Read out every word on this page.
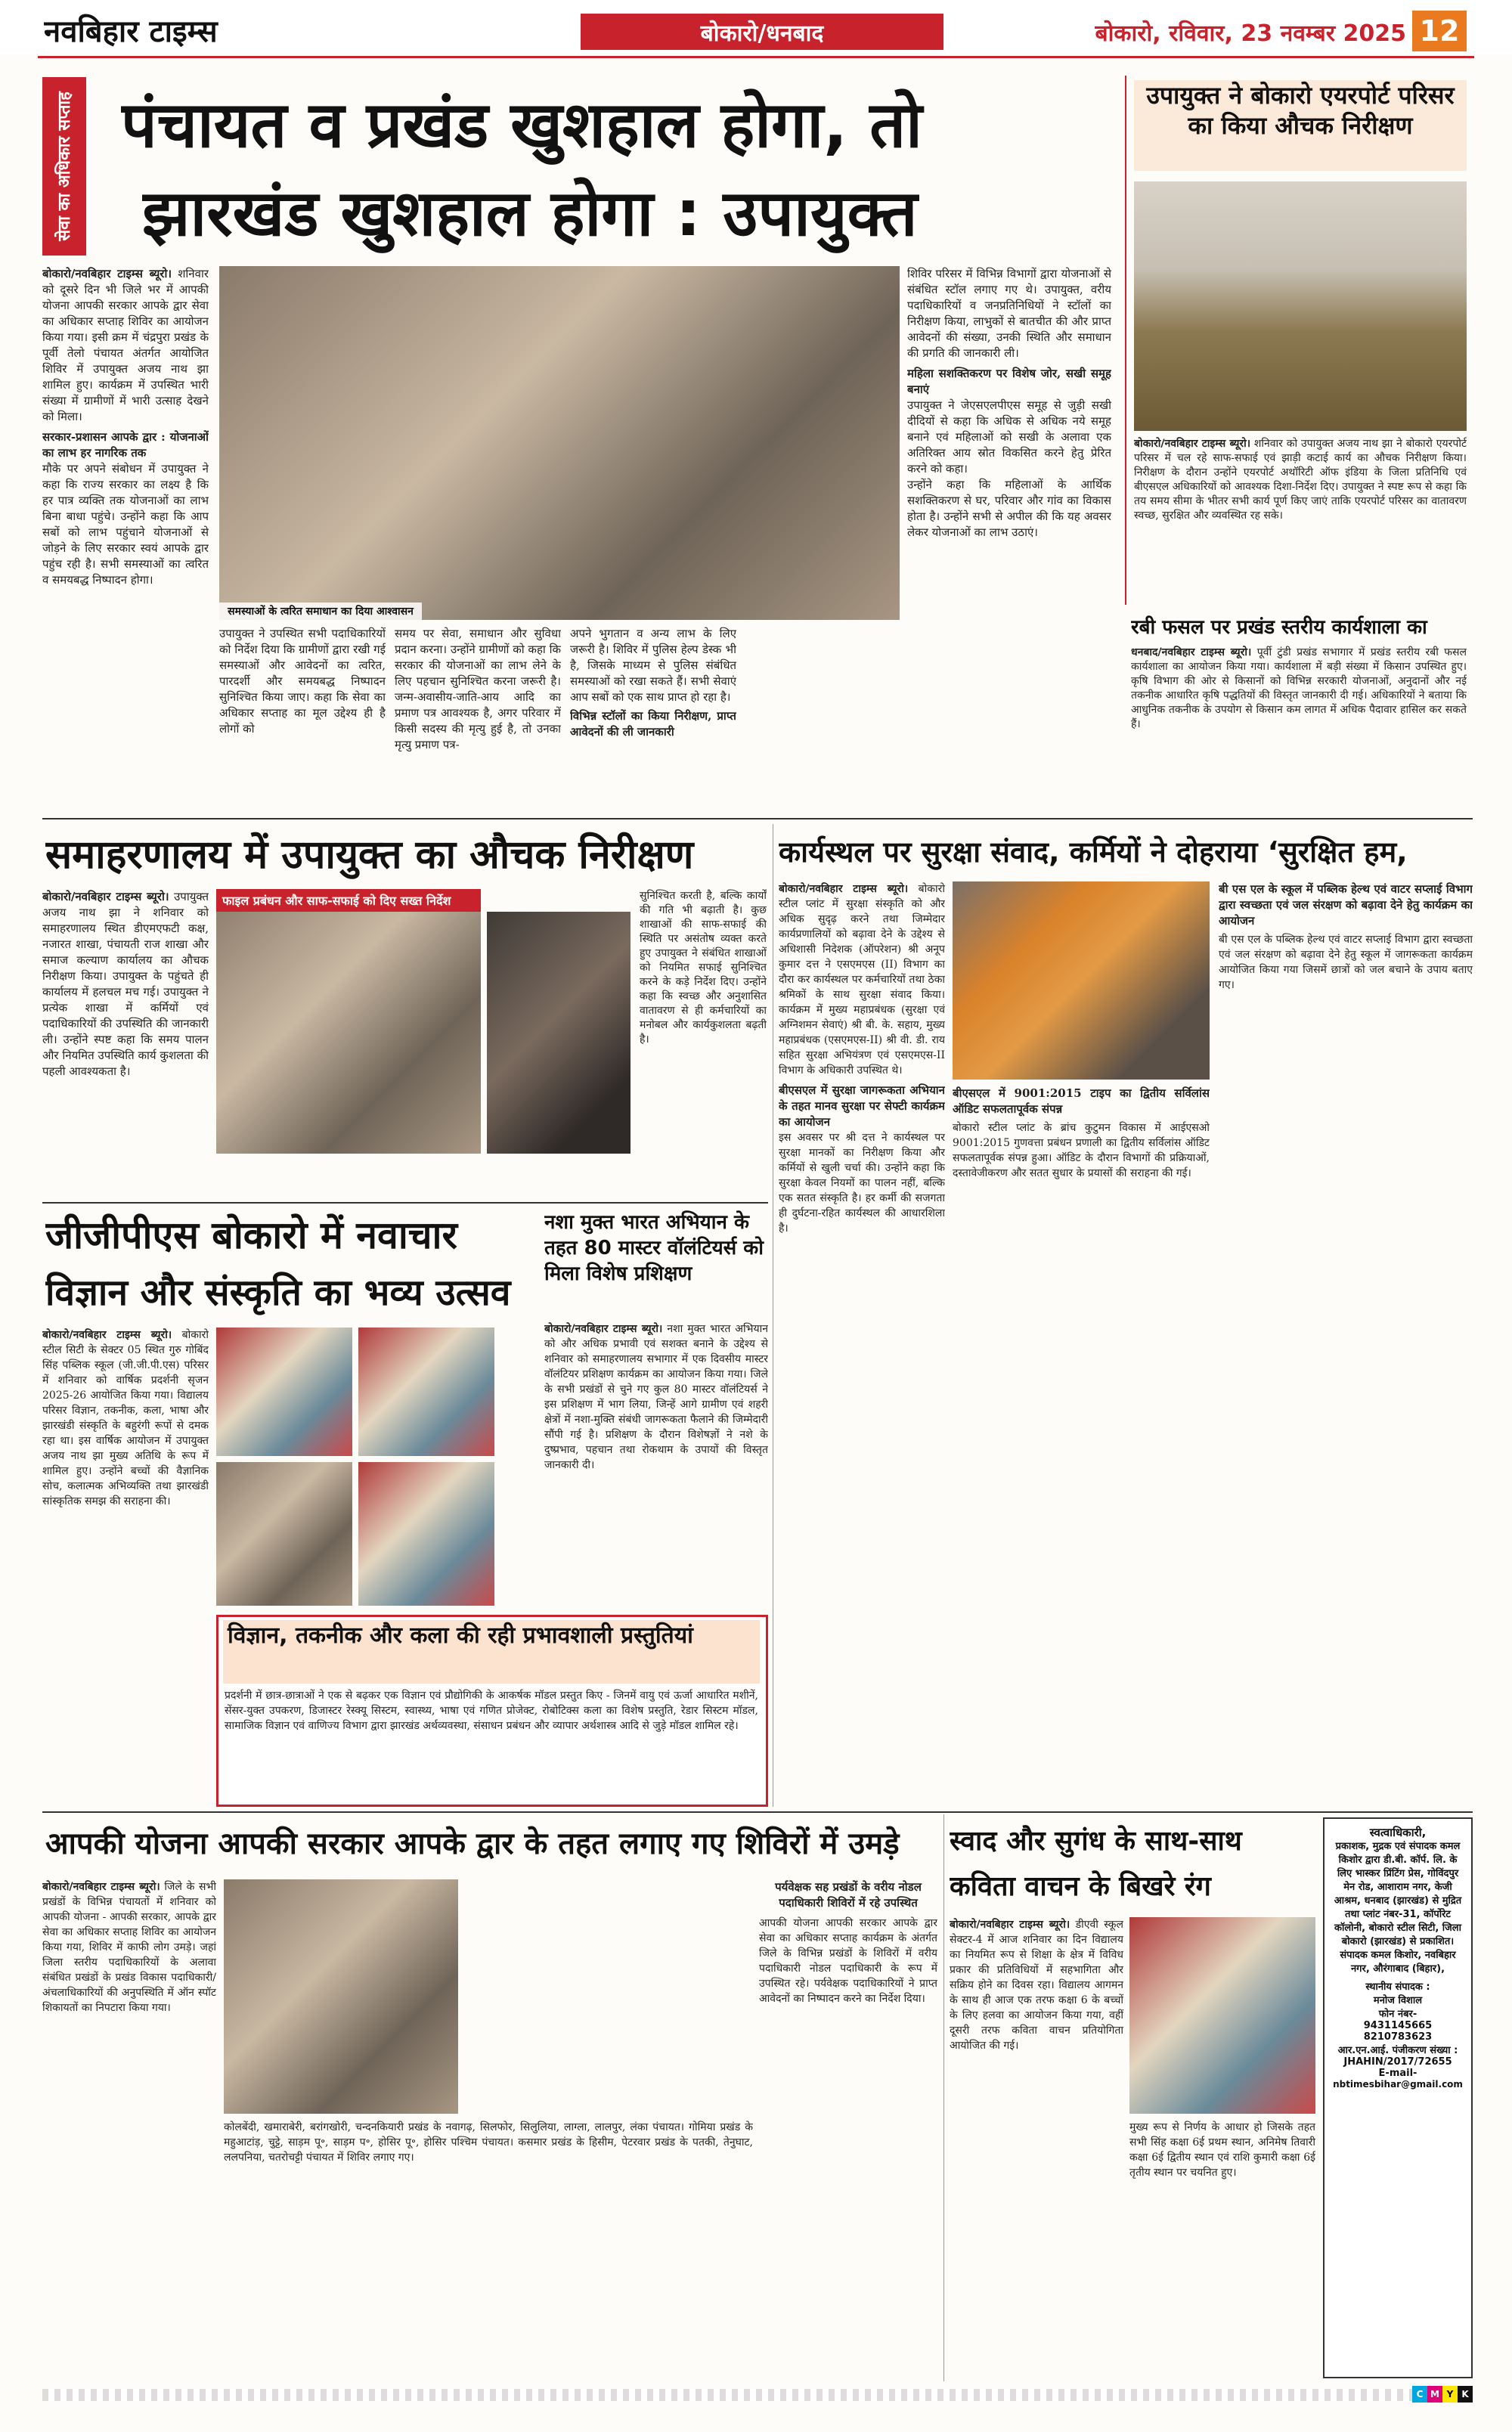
नवबिहार टाइम्स	बोकारो/धनबाद	बोकारो, रविवार, 23 नवम्बर 2025 12
सेवा का अधिकार सप्ताह पंचायत व प्रखंड खुशहाल होगा, तो
झारखंड खुशहाल होगा : उपायुक्त
बोकारो/नवबिहार टाइम्स ब्यूरो। शनिवार को दूसरे दिन भी जिले भर में आपकी योजना आपकी सरकार आपके द्वार सेवा का अधिकार सप्ताह शिविर का आयोजन किया गया। इसी क्रम में चंद्रपुरा प्रखंड के पूर्वी तेलो पंचायत अंतर्गत आयोजित शिविर में उपायुक्त अजय नाथ झा शामिल हुए। कार्यक्रम में उपस्थित भारी संख्या में ग्रामीणों में भारी उत्साह देखने को मिला।
सरकार-प्रशासन आपके द्वार : योजनाओं का लाभ हर नागरिक तक
मौके पर अपने संबोधन में उपायुक्त ने कहा कि राज्य सरकार का लक्ष्य है कि हर पात्र व्यक्ति तक योजनाओं का लाभ बिना बाधा पहुंचे। उन्होंने कहा कि आप सबों को लाभ पहुंचाने योजनाओं से जोड़ने के लिए सरकार स्वयं आपके द्वार पहुंच रही है। सभी समस्याओं का त्वरित व समयबद्ध निष्पादन होगा।
समस्याओं के त्वरित समाधान का दिया आश्वासन
उपायुक्त ने उपस्थित सभी पदाधिकारियों को निर्देश दिया कि ग्रामीणों द्वारा रखी गई समस्याओं और आवेदनों का त्वरित, पारदर्शी और समयबद्ध निष्पादन सुनिश्चित किया जाए। कहा कि सेवा का अधिकार सप्ताह का मूल उद्देश्य ही है लोगों को
समय पर सेवा, समाधान और सुविधा प्रदान करना। उन्होंने ग्रामीणों को कहा कि सरकार की योजनाओं का लाभ लेने के लिए पहचान सुनिश्चित करना जरूरी है। जन्म-अवासीय-जाति-आय आदि का प्रमाण पत्र आवश्यक है, अगर परिवार में किसी सदस्य की मृत्यु हुई है, तो उनका मृत्यु प्रमाण पत्र-
अपने भुगतान व अन्य लाभ के लिए जरूरी है। शिविर में पुलिस हेल्प डेस्क भी है, जिसके माध्यम से पुलिस संबंधित समस्याओं को रखा सकते हैं। सभी सेवाएं आप सबों को एक साथ प्राप्त हो रहा है।
विभिन्न स्टॉलों का किया निरीक्षण, प्राप्त आवेदनों की ली जानकारी
शिविर परिसर में विभिन्न विभागों द्वारा योजनाओं से संबंधित स्टॉल लगाए गए थे। उपायुक्त, वरीय पदाधिकारियों व जनप्रतिनिधियों ने स्टॉलों का निरीक्षण किया, लाभुकों से बातचीत की और प्राप्त आवेदनों की संख्या, उनकी स्थिति और समाधान की प्रगति की जानकारी ली।
महिला सशक्तिकरण पर विशेष जोर, सखी समूह बनाएं
उपायुक्त ने जेएसएलपीएस समूह से जुड़ी सखी दीदियों से कहा कि अधिक से अधिक नये समूह बनाने एवं महिलाओं को सखी के अलावा एक अतिरिक्त आय स्रोत विकसित करने हेतु प्रेरित करने को कहा।
उन्होंने कहा कि महिलाओं के आर्थिक सशक्तिकरण से घर, परिवार और गांव का विकास होता है। उन्होंने सभी से अपील की कि यह अवसर लेकर योजनाओं का लाभ उठाएं।
उपायुक्त ने बोकारो एयरपोर्ट परिसर का किया औचक निरीक्षण
बोकारो/नवबिहार टाइम्स ब्यूरो। शनिवार को उपायुक्त अजय नाथ झा ने बोकारो एयरपोर्ट परिसर में चल रहे साफ-सफाई एवं झाड़ी कटाई कार्य का औचक निरीक्षण किया। निरीक्षण के दौरान उन्होंने एयरपोर्ट अथॉरिटी ऑफ इंडिया के जिला प्रतिनिधि एवं बीएसएल अधिकारियों को आवश्यक दिशा-निर्देश दिए। उपायुक्त ने स्पष्ट रूप से कहा कि तय समय सीमा के भीतर सभी कार्य पूर्ण किए जाएं ताकि एयरपोर्ट परिसर का वातावरण स्वच्छ, सुरक्षित और व्यवस्थित रह सके।
रबी फसल पर प्रखंड स्तरीय कार्यशाला का
धनबाद/नवबिहार टाइम्स ब्यूरो। पूर्वी टुंडी प्रखंड सभागार में प्रखंड स्तरीय रबी फसल कार्यशाला का आयोजन किया गया। कार्यशाला में बड़ी संख्या में किसान उपस्थित हुए। कृषि विभाग की ओर से किसानों को विभिन्न सरकारी योजनाओं, अनुदानों और नई तकनीक आधारित कृषि पद्धतियों की विस्तृत जानकारी दी गई। अधिकारियों ने बताया कि आधुनिक तकनीक के उपयोग से किसान कम लागत में अधिक पैदावार हासिल कर सकते हैं।
समाहरणालय में उपायुक्त का औचक निरीक्षण
बोकारो/नवबिहार टाइम्स ब्यूरो। उपायुक्त अजय नाथ झा ने शनिवार को समाहरणालय स्थित डीएमएफटी कक्ष, नजारत शाखा, पंचायती राज शाखा और समाज कल्याण कार्यालय का औचक निरीक्षण किया। उपायुक्त के पहुंचते ही कार्यालय में हलचल मच गई। उपायुक्त ने प्रत्येक शाखा में कर्मियों एवं पदाधिकारियों की उपस्थिति की जानकारी ली। उन्होंने स्पष्ट कहा कि समय पालन और नियमित उपस्थिति कार्य कुशलता की पहली आवश्यकता है।
फाइल प्रबंधन और साफ-सफाई को दिए सख्त निर्देश	सुनिश्चित करती है, बल्कि कार्यों की गति भी बढ़ाती है। कुछ शाखाओं की साफ-सफाई की स्थिति पर असंतोष व्यक्त करते हुए उपायुक्त ने संबंधित शाखाओं को नियमित सफाई सुनिश्चित करने के कड़े निर्देश दिए। उन्होंने कहा कि स्वच्छ और अनुशासित वातावरण से ही कर्मचारियों का मनोबल और कार्यकुशलता बढ़ती है।
कार्यस्थल पर सुरक्षा संवाद, कर्मियों ने दोहराया ‘सुरक्षित हम,
बोकारो/नवबिहार टाइम्स ब्यूरो। बोकारो स्टील प्लांट में सुरक्षा संस्कृति को और अधिक सुदृढ़ करने तथा जिम्मेदार कार्यप्रणालियों को बढ़ावा देने के उद्देश्य से अधिशासी निदेशक (ऑपरेशन) श्री अनूप कुमार दत्त ने एसएमएस (II) विभाग का दौरा कर कार्यस्थल पर कर्मचारियों तथा ठेका श्रमिकों के साथ सुरक्षा संवाद किया। कार्यक्रम में मुख्य महाप्रबंधक (सुरक्षा एवं अग्निशमन सेवाएं) श्री बी. के. सहाय, मुख्य महाप्रबंधक (एसएमएस-II) श्री वी. डी. राय सहित सुरक्षा अभियंत्रण एवं एसएमएस-II विभाग के अधिकारी उपस्थित थे।
बीएसएल में सुरक्षा जागरूकता अभियान के तहत मानव सुरक्षा पर सेफ्टी कार्यक्रम का आयोजन
इस अवसर पर श्री दत्त ने कार्यस्थल पर सुरक्षा मानकों का निरीक्षण किया और कर्मियों से खुली चर्चा की। उन्होंने कहा कि सुरक्षा केवल नियमों का पालन नहीं, बल्कि एक सतत संस्कृति है। हर कर्मी की सजगता ही दुर्घटना-रहित कार्यस्थल की आधारशिला है।
बीएसएल में 9001:2015 टाइप का द्वितीय सर्विलांस ऑडिट सफलतापूर्वक संपन्न
बोकारो स्टील प्लांट के ब्रांच कुटुमन विकास में आईएसओ 9001:2015 गुणवत्ता प्रबंधन प्रणाली का द्वितीय सर्विलांस ऑडिट सफलतापूर्वक संपन्न हुआ। ऑडिट के दौरान विभागों की प्रक्रियाओं, दस्तावेजीकरण और सतत सुधार के प्रयासों की सराहना की गई।
बी एस एल के स्कूल में पब्लिक हेल्थ एवं वाटर सप्लाई विभाग द्वारा स्वच्छता एवं जल संरक्षण को बढ़ावा देने हेतु कार्यक्रम का आयोजन
बी एस एल के पब्लिक हेल्थ एवं वाटर सप्लाई विभाग द्वारा स्वच्छता एवं जल संरक्षण को बढ़ावा देने हेतु स्कूल में जागरूकता कार्यक्रम आयोजित किया गया जिसमें छात्रों को जल बचाने के उपाय बताए गए।
जीजीपीएस बोकारो में नवाचार
विज्ञान और संस्कृति का भव्य उत्सव
बोकारो/नवबिहार टाइम्स ब्यूरो। बोकारो स्टील सिटी के सेक्टर 05 स्थित गुरु गोबिंद सिंह पब्लिक स्कूल (जी.जी.पी.एस) परिसर में शनिवार को वार्षिक प्रदर्शनी सृजन 2025-26 आयोजित किया गया। विद्यालय परिसर विज्ञान, तकनीक, कला, भाषा और झारखंडी संस्कृति के बहुरंगी रूपों से दमक रहा था। इस वार्षिक आयोजन में उपायुक्त अजय नाथ झा मुख्य अतिथि के रूप में शामिल हुए। उन्होंने बच्चों की वैज्ञानिक सोच, कलात्मक अभिव्यक्ति तथा झारखंडी सांस्कृतिक समझ की सराहना की।
विज्ञान, तकनीक और कला की रही प्रभावशाली प्रस्तुतियां
प्रदर्शनी में छात्र-छात्राओं ने एक से बढ़कर एक विज्ञान एवं प्रौद्योगिकी के आकर्षक मॉडल प्रस्तुत किए - जिनमें वायु एवं ऊर्जा आधारित मशीनें, सेंसर-युक्त उपकरण, डिजास्टर रेस्क्यू सिस्टम, स्वास्थ्य, भाषा एवं गणित प्रोजेक्ट, रोबोटिक्स कला का विशेष प्रस्तुति, रेडार सिस्टम मॉडल, सामाजिक विज्ञान एवं वाणिज्य विभाग द्वारा झारखंड अर्थव्यवस्था, संसाधन प्रबंधन और व्यापार अर्थशास्त्र आदि से जुड़े मॉडल शामिल रहे।
नशा मुक्त भारत अभियान के तहत 80 मास्टर वॉलंटियर्स को मिला विशेष प्रशिक्षण
बोकारो/नवबिहार टाइम्स ब्यूरो। नशा मुक्त भारत अभियान को और अधिक प्रभावी एवं सशक्त बनाने के उद्देश्य से शनिवार को समाहरणालय सभागार में एक दिवसीय मास्टर वॉलंटियर प्रशिक्षण कार्यक्रम का आयोजन किया गया। जिले के सभी प्रखंडों से चुने गए कुल 80 मास्टर वॉलंटियर्स ने इस प्रशिक्षण में भाग लिया, जिन्हें आगे ग्रामीण एवं शहरी क्षेत्रों में नशा-मुक्ति संबंधी जागरूकता फैलाने की जिम्मेदारी सौंपी गई है। प्रशिक्षण के दौरान विशेषज्ञों ने नशे के दुष्प्रभाव, पहचान तथा रोकथाम के उपायों की विस्तृत जानकारी दी।
आपकी योजना आपकी सरकार आपके द्वार के तहत लगाए गए शिविरों में उमड़े
बोकारो/नवबिहार टाइम्स ब्यूरो। जिले के सभी प्रखंडों के विभिन्न पंचायतों में शनिवार को आपकी योजना - आपकी सरकार, आपके द्वार सेवा का अधिकार सप्ताह शिविर का आयोजन किया गया, शिविर में काफी लोग उमड़े। जहां जिला स्तरीय पदाधिकारियों के अलावा संबंधित प्रखंडों के प्रखंड विकास पदाधिकारी/अंचलाधिकारियों की अनुपस्थिति में ऑन स्पॉट शिकायतों का निपटारा किया गया।
कोलबेंदी, खमाराबेरी, बरांगखोरी, चन्दनकियारी प्रखंड के नवागढ़, सिलफोर, सिलुलिया, लाग्ला, लालपुर, लंका पंचायत। गोमिया प्रखंड के महुआटांड़, चुट्टे, साड़म पू॰, साड़म प॰, होसिर पू॰, होसिर पश्चिम पंचायत। कसमार प्रखंड के हिसीम, पेटरवार प्रखंड के पतकी, तेनुघाट, ललपनिया, चतरोचट्टी पंचायत में शिविर लगाए गए।
पर्यवेक्षक सह प्रखंडों के वरीय नोडल पदाधिकारी शिविरों में रहे उपस्थित
आपकी योजना आपकी सरकार आपके द्वार सेवा का अधिकार सप्ताह कार्यक्रम के अंतर्गत जिले के विभिन्न प्रखंडों के शिविरों में वरीय पदाधिकारी नोडल पदाधिकारी के रूप में उपस्थित रहे। पर्यवेक्षक पदाधिकारियों ने प्राप्त आवेदनों का निष्पादन करने का निर्देश दिया।
स्वाद और सुगंध के साथ-साथ
कविता वाचन के बिखरे रंग
बोकारो/नवबिहार टाइम्स ब्यूरो। डीएवी स्कूल सेक्टर-4 में आज शनिवार का दिन विद्यालय का नियमित रूप से शिक्षा के क्षेत्र में विविध प्रकार की प्रतिविधियों में सहभागिता और सक्रिय होने का दिवस रहा। विद्यालय आगमन के साथ ही आज एक तरफ कक्षा 6 के बच्चों के लिए हलवा का आयोजन किया गया, वहीं दूसरी तरफ कविता वाचन प्रतियोगिता आयोजित की गई।
मुख्य रूप से निर्णय के आधार हो जिसके तहत सभी सिंह कक्षा 6ई प्रथम स्थान, अनिमेष तिवारी कक्षा 6ई द्वितीय स्थान एवं राशि कुमारी कक्षा 6ई तृतीय स्थान पर चयनित हुए।
स्वत्वाधिकारी,
प्रकाशक, मुद्रक एवं संपादक कमल किशोर द्वारा डी.बी. कॉर्प. लि. के लिए भास्कर प्रिंटिंग प्रेस, गोविंदपुर मेन रोड, आशाराम नगर, केजी आश्रम, धनबाद (झारखंड) से मुद्रित तथा प्लांट नंबर-31, कॉर्पोरेट कॉलोनी, बोकारो स्टील सिटी, जिला बोकारो (झारखंड) से प्रकाशित। संपादक कमल किशोर, नवबिहार नगर, औरंगाबाद (बिहार),
स्थानीय संपादक :
मनोज विशाल
फोन नंबर-
9431145665
8210783623
आर.एन.आई. पंजीकरण संख्या :
JHAHIN/2017/72655
E-mail-
nbtimesbihar@gmail.com
C M Y K
